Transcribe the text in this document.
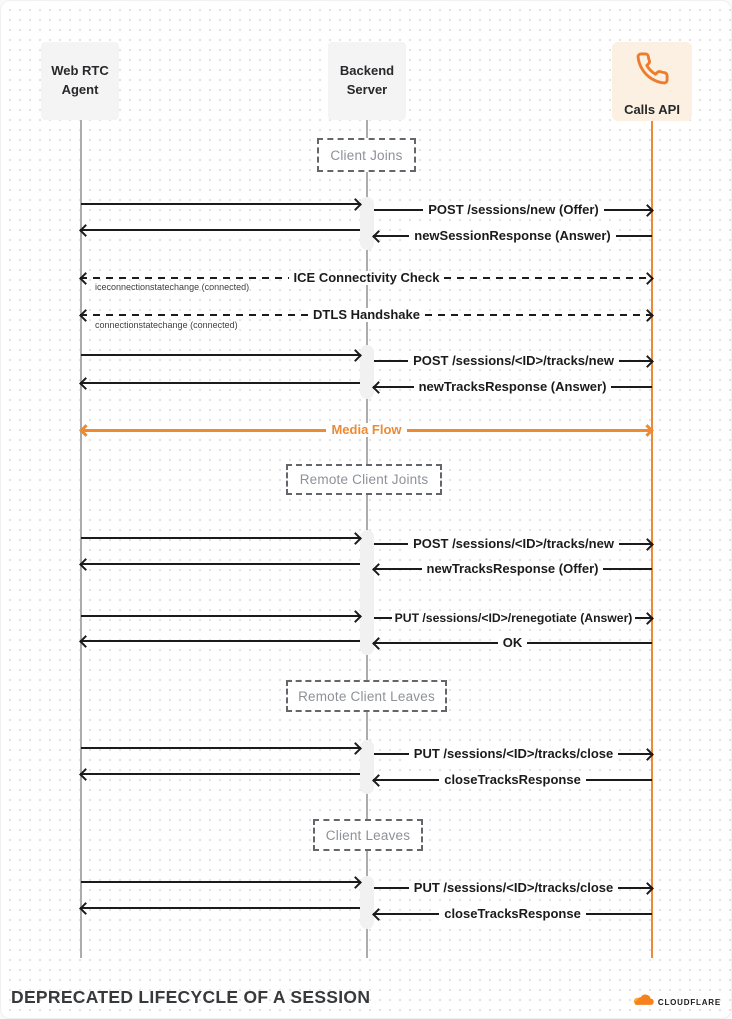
Web RTC Agent
Backend Server
Calls API
Client Joins
POST /sessions/new (Offer)
newSessionResponse (Answer)
ICE Connectivity Check
iceconnectionstatechange (connected)
DTLS Handshake
connectionstatechange (connected)
POST /sessions/<ID>/tracks/new
newTracksResponse (Answer)
Media Flow
Remote Client Joints
POST /sessions/<ID>/tracks/new
newTracksResponse (Offer)
PUT /sessions/<ID>/renegotiate (Answer)
OK
Remote Client Leaves
PUT /sessions/<ID>/tracks/close
closeTracksResponse
Client Leaves
PUT /sessions/<ID>/tracks/close
closeTracksResponse
DEPRECATED LIFECYCLE OF A SESSION	CLOUDFLARE
